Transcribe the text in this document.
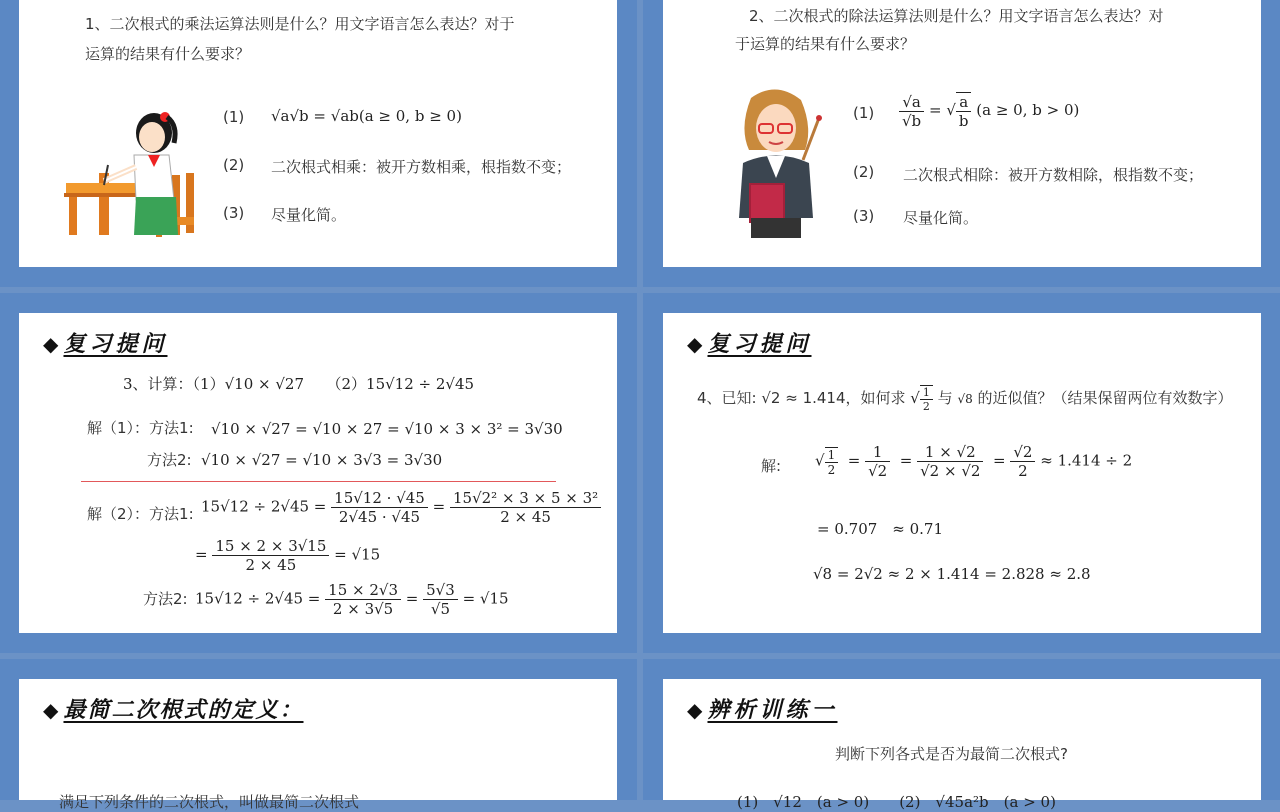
1、二次根式的乘法运算法则是什么？用文字语言怎么表达？对于
运算的结果有什么要求？
(1) √a√b = √ab(a ≥ 0, b ≥ 0)
(2) 二次根式相乘：被开方数相乘，根指数不变；
(3) 尽量化简。
2、二次根式的除法运算法则是什么？用文字语言怎么表达？对
于运算的结果有什么要求？
$(1) \frac{√a}{√b}$ = √ $\frac{a}{b} (a \ge 0$, b > 0)
(2) 二次根式相除：被开方数相除，根指数不变；
(3) 尽量化简。
◆ 复习提问
3、计算：（1）√10 × √27　　（2）15√12 ÷ 2√45
解（1）：方法1: √10 × √27 = √10 × 27 = √10 × 3 × 3² = 3√30
方法2: √10 × √27 = √10 × 3√3 = 3√30
解（2）：方法1: $15√12 \div 2√45 = \frac{15√12 \cdot √45}{2√45 \cdot √45} = \frac{\text{15√2² × 3 × 5 × 3²}}{2 \times 45}$
= $\frac{15 \times 2 \times 3√15}{2 \times 45} = √15$
方法2: $15√12 \div 2√45 = \frac{15 \times 2√3}{2 \times 3√5} = \frac{5√3}{√5} = √15$
◆ 复习提问
4、已知: √2 ≈ 1.414，如何求 √ $\frac{1}{2}$ 与 √8 的近似值？（结果保留两位有效数字）
解: √ $\frac{1}{2} = \frac{1}{√2} = \frac{1 \times √2}{√2 \times √2} = \frac{√2}{2} \approx 1.414 \div 2$
= 0.707　≈ 0.71
√8 = 2√2 ≈ 2 × 1.414 = 2.828 ≈ 2.8
◆ 最简二次根式的定义：
满足下列条件的二次根式，叫做最简二次根式
◆ 辨析训练一
判断下列各式是否为最简二次根式?
(1)　√12　(a > 0)　　(2)　√45a²b　(a > 0)
